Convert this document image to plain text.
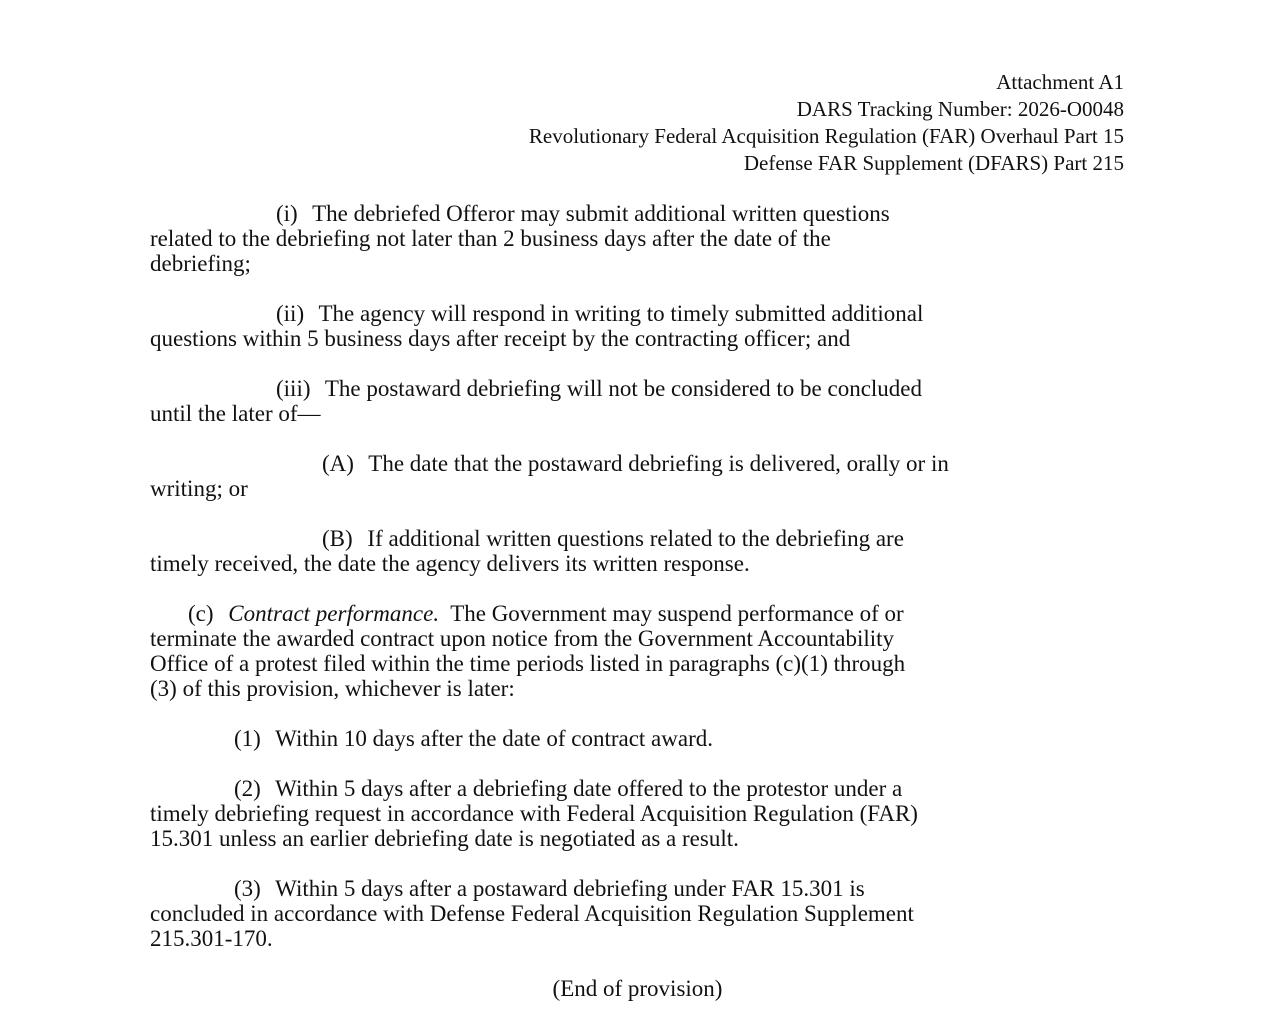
Attachment A1
DARS Tracking Number: 2026-O0048
Revolutionary Federal Acquisition Regulation (FAR) Overhaul Part 15
Defense FAR Supplement (DFARS) Part 215
(i) The debriefed Offeror may submit additional written questions
related to the debriefing not later than 2 business days after the date of the
debriefing;
(ii) The agency will respond in writing to timely submitted additional
questions within 5 business days after receipt by the contracting officer; and
(iii) The postaward debriefing will not be considered to be concluded
until the later of—
(A) The date that the postaward debriefing is delivered, orally or in
writing; or
(B) If additional written questions related to the debriefing are
timely received, the date the agency delivers its written response.
(c) Contract performance. The Government may suspend performance of or
terminate the awarded contract upon notice from the Government Accountability
Office of a protest filed within the time periods listed in paragraphs (c)(1) through
(3) of this provision, whichever is later:
(1) Within 10 days after the date of contract award.
(2) Within 5 days after a debriefing date offered to the protestor under a
timely debriefing request in accordance with Federal Acquisition Regulation (FAR)
15.301 unless an earlier debriefing date is negotiated as a result.
(3) Within 5 days after a postaward debriefing under FAR 15.301 is
concluded in accordance with Defense Federal Acquisition Regulation Supplement
215.301-170.
(End of provision)
